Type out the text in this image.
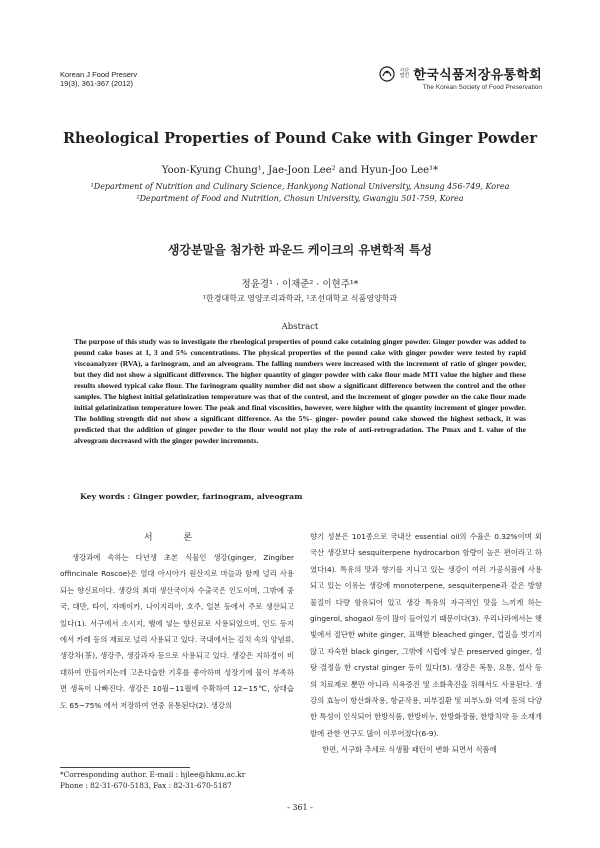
Korean J Food Preserv
19(3), 361-367 (2012)
사단법인 한국식품저장유통학회
The Korean Society of Food Preservation
Rheological Properties of Pound Cake with Ginger Powder
Yoon-Kyung Chung¹, Jae-Joon Lee² and Hyun-Joo Lee¹*
¹Department of Nutrition and Culinary Science, Hankyong National University, Ansung 456-749, Korea
²Department of Food and Nutrition, Chosun University, Gwangju 501-759, Korea
생강분말을 첨가한 파운드 케이크의 유변학적 특성
정윤경¹ · 이재준² · 이현주¹*
¹한경대학교 영양조리과학과, ²조선대학교 식품영양학과
Abstract
The purpose of this study was to investigate the rheological properties of pound cake cotaining ginger powder. Ginger powder was added to pound cake bases at 1, 3 and 5% concentrations. The physical properties of the pound cake with ginger powder were tested by rapid viscoanalyzer (RVA), a farinogram, and an alveogram. The falling numbers were increased with the increment of ratio of ginger powder, but they did not show a significant difference. The higher quantity of ginger powder with cake flour made MTI value the higher and these results showed typical cake flour. The farinogram quality number did not show a significant difference between the control and the other samples. The highest initial gelatinization temperature was that of the control, and the increment of ginger powder on the cake flour made initial gelatinization temperature lower. The peak and final viscosities, however, were higher with the quantity increment of ginger powder. The holding strength did not show a significant difference. As the 5%- ginger- powder pound cake showed the highest setback, it was predicted that the addition of ginger powder to the flour would not play the role of anti-retrogradation. The Pmax and L value of the alveogram decreased with the ginger powder increments.
Key words : Ginger powder, farinogram, alveogram
서 론

생강과에 속하는 다년생 초본 식물인 생강(ginger, Zingiber offincinale Roscoe)은 열대 아시아가 원산지로 마늘과 함께 널리 사용되는 향신료이다. 생강의 최대 생산국이자 수출국은 인도이며, 그밖에 중국, 대만, 타이, 자메이카, 나이지리아, 호주, 일본 등에서 주로 생산되고 있다(1). 서구에서 소시지, 햄에 넣는 향신료로 사용되었으며, 인도 등지에서 카레 등의 재료로 널리 사용되고 있다. 국내에서는 김치 속의 양념류, 생강차(茶), 생강주, 생강과자 등으로 사용되고 있다. 생강은 지하경이 비대하여 만들어지는데 고온다습한 기후를 좋아하며 성장기에 물이 부족하면 생육이 나빠진다. 생강은 10월~11월에 수확하여 12~15℃, 상대습도 65~75% 에서 저장하여 연중 유통된다(2). 생강의

향기 성분은 101종으로 국내산 essential oil의 수율은 0.32%이며 외국산 생강보다 sesquiterpene hydrocarbon 함량이 높은 편이라고 하였다(4). 특유의 맛과 향기를 지니고 있는 생강이 여러 가공식품에 사용되고 있는 이유는 생강에 monoterpene, sesquiterpene과 같은 방향물질이 다량 함유되어 있고 생강 특유의 자극적인 맛을 느끼게 하는 gingerol, shogaol 등이 많이 들어있기 때문이다(3). 우리나라에서는 햇빛에서 절단한 white ginger, 표백한 bleached ginger, 껍질을 벗기지 않고 자숙한 black ginger, 그밖에 시럽에 넣은 preserved ginger, 설탕 결정을 한 crystal ginger 등이 있다(5). 생강은 복통, 요통, 설사 등의 치료제로 뿐만 아니라 식욕증진 및 소화촉진을 위해서도 사용된다. 생강의 효능이 항산화작용, 항균작용, 피부질환 및 피부노화 억제 등의 다양한 특성이 인식되어 한방식품, 한방비누, 한방화장품, 한방치약 등 소재개발에 관한 연구도 많이 이루어졌다(6-9).

한편, 서구화 추세로 식생활 패턴이 변화 되면서 식품에

*Corresponding author. E-mail : hjlee@hknu.ac.kr
Phone : 82-31-670-5183, Fax : 82-31-670-5187
- 361 -
